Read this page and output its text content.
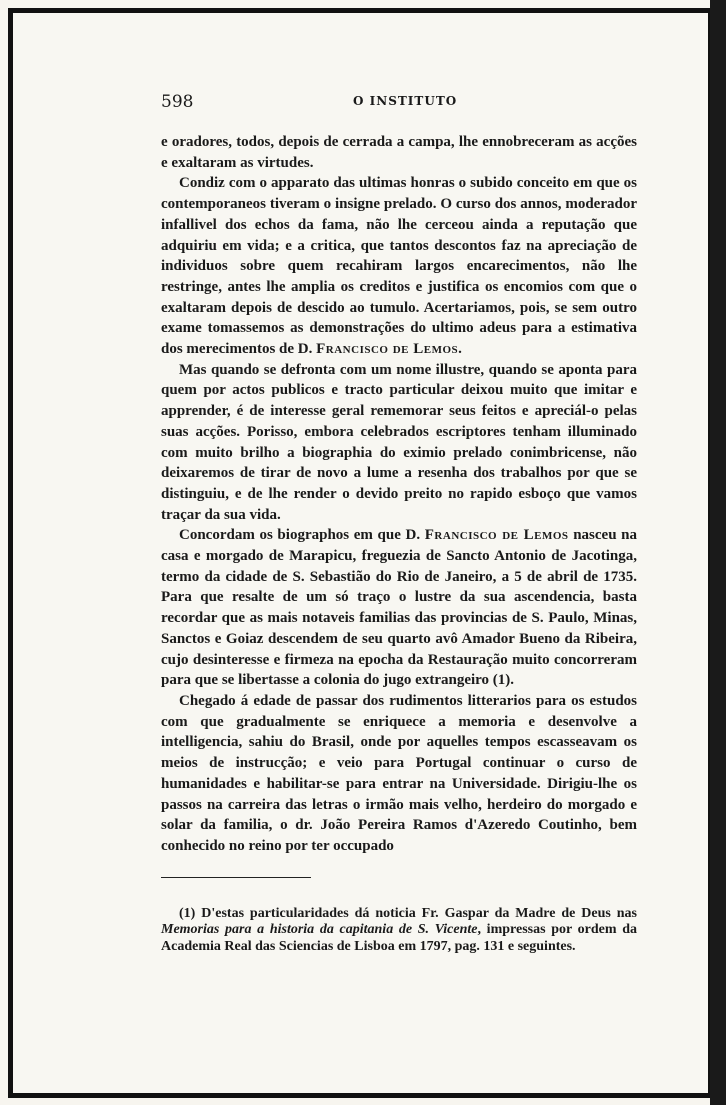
598	O INSTITUTO

e oradores, todos, depois de cerrada a campa, lhe ennobreceram as acções e exaltaram as virtudes.

Condiz com o apparato das ultimas honras o subido conceito em que os contemporaneos tiveram o insigne prelado. O curso dos annos, moderador infallivel dos echos da fama, não lhe cerceou ainda a reputação que adquiriu em vida; e a critica, que tantos descontos faz na apreciação de individuos sobre quem recahiram largos encarecimentos, não lhe restringe, antes lhe amplia os creditos e justifica os encomios com que o exaltaram depois de descido ao tumulo. Acertariamos, pois, se sem outro exame tomassemos as demonstrações do ultimo adeus para a estimativa dos merecimentos de D. Francisco de Lemos.

Mas quando se defronta com um nome illustre, quando se aponta para quem por actos publicos e tracto particular deixou muito que imitar e apprender, é de interesse geral rememorar seus feitos e apreciál-o pelas suas acções. Porisso, embora celebrados escriptores tenham illuminado com muito brilho a biographia do eximio prelado conimbricense, não deixaremos de tirar de novo a lume a resenha dos trabalhos por que se distinguiu, e de lhe render o devido preito no rapido esboço que vamos traçar da sua vida.

Concordam os biographos em que D. Francisco de Lemos nasceu na casa e morgado de Marapicu, freguezia de Sancto Antonio de Jacotinga, termo da cidade de S. Sebastião do Rio de Janeiro, a 5 de abril de 1735. Para que resalte de um só traço o lustre da sua ascendencia, basta recordar que as mais notaveis familias das provincias de S. Paulo, Minas, Sanctos e Goiaz descendem de seu quarto avô Amador Bueno da Ribeira, cujo desinteresse e firmeza na epocha da Restauração muito concorreram para que se libertasse a colonia do jugo extrangeiro (1).

Chegado á edade de passar dos rudimentos litterarios para os estudos com que gradualmente se enriquece a memoria e desenvolve a intelligencia, sahiu do Brasil, onde por aquelles tempos escasseavam os meios de instrucção; e veio para Portugal continuar o curso de humanidades e habilitar-se para entrar na Universidade. Dirigiu-lhe os passos na carreira das letras o irmão mais velho, herdeiro do morgado e solar da familia, o dr. João Pereira Ramos d'Azeredo Coutinho, bem conhecido no reino por ter occupado

(1) D'estas particularidades dá noticia Fr. Gaspar da Madre de Deus nas Memorias para a historia da capitania de S. Vicente, impressas por ordem da Academia Real das Sciencias de Lisboa em 1797, pag. 131 e seguintes.
